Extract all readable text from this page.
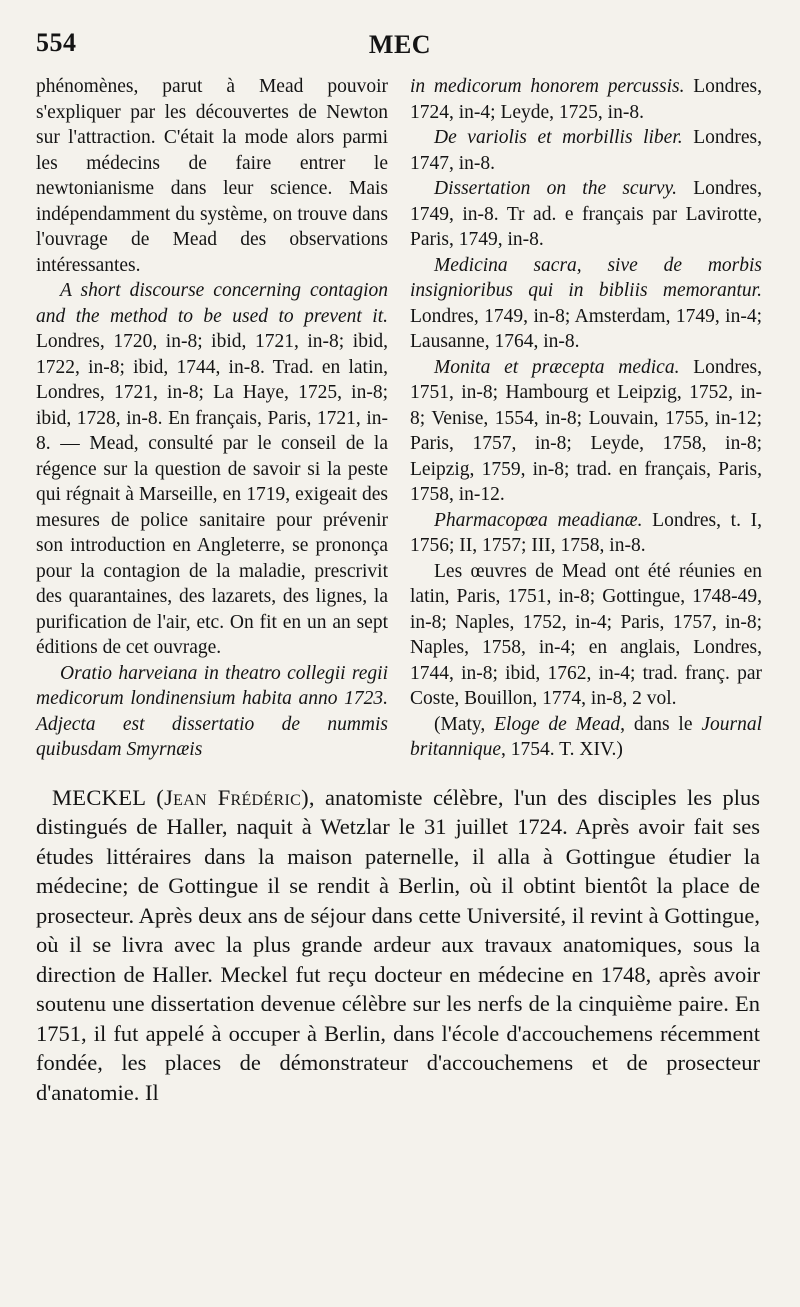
554	MEC

phénomènes, parut à Mead pouvoir s'expliquer par les découvertes de Newton sur l'attraction. C'était la mode alors parmi les médecins de faire entrer le newtonianisme dans leur science. Mais indépendamment du système, on trouve dans l'ouvrage de Mead des observations intéressantes.

A short discourse concerning contagion and the method to be used to prevent it. Londres, 1720, in-8; ibid, 1721, in-8; ibid, 1722, in-8; ibid, 1744, in-8. Trad. en latin, Londres, 1721, in-8; La Haye, 1725, in-8; ibid, 1728, in-8. En français, Paris, 1721, in-8. — Mead, consulté par le conseil de la régence sur la question de savoir si la peste qui régnait à Marseille, en 1719, exigeait des mesures de police sanitaire pour prévenir son introduction en Angleterre, se prononça pour la contagion de la maladie, prescrivit des quarantaines, des lazarets, des lignes, la purification de l'air, etc. On fit en un an sept éditions de cet ouvrage.

Oratio harveiana in theatro collegii regii medicorum londinensium habita anno 1723. Adjecta est dissertatio de nummis quibusdam Smyrnæis

in medicorum honorem percussis. Londres, 1724, in-4; Leyde, 1725, in-8.

De variolis et morbillis liber. Londres, 1747, in-8.

Dissertation on the scurvy. Londres, 1749, in-8. Tr ad. e français par Lavirotte, Paris, 1749, in-8.

Medicina sacra, sive de morbis insignioribus qui in bibliis memorantur. Londres, 1749, in-8; Amsterdam, 1749, in-4; Lausanne, 1764, in-8.

Monita et præcepta medica. Londres, 1751, in-8; Hambourg et Leipzig, 1752, in-8; Venise, 1554, in-8; Louvain, 1755, in-12; Paris, 1757, in-8; Leyde, 1758, in-8; Leipzig, 1759, in-8; trad. en français, Paris, 1758, in-12.

Pharmacopœa meadianæ. Londres, t. I, 1756; II, 1757; III, 1758, in-8.

Les œuvres de Mead ont été réunies en latin, Paris, 1751, in-8; Gottingue, 1748-49, in-8; Naples, 1752, in-4; Paris, 1757, in-8; Naples, 1758, in-4; en anglais, Londres, 1744, in-8; ibid, 1762, in-4; trad. franç. par Coste, Bouillon, 1774, in-8, 2 vol.

(Maty, Eloge de Mead, dans le Journal britannique, 1754. T. XIV.)

MECKEL (Jean Frédéric), anatomiste célèbre, l'un des disciples les plus distingués de Haller, naquit à Wetzlar le 31 juillet 1724. Après avoir fait ses études littéraires dans la maison paternelle, il alla à Gottingue étudier la médecine; de Gottingue il se rendit à Berlin, où il obtint bientôt la place de prosecteur. Après deux ans de séjour dans cette Université, il revint à Gottingue, où il se livra avec la plus grande ardeur aux travaux anatomiques, sous la direction de Haller. Meckel fut reçu docteur en médecine en 1748, après avoir soutenu une dissertation devenue célèbre sur les nerfs de la cinquième paire. En 1751, il fut appelé à occuper à Berlin, dans l'école d'accouchemens récemment fondée, les places de démonstrateur d'accouchemens et de prosecteur d'anatomie. Il
